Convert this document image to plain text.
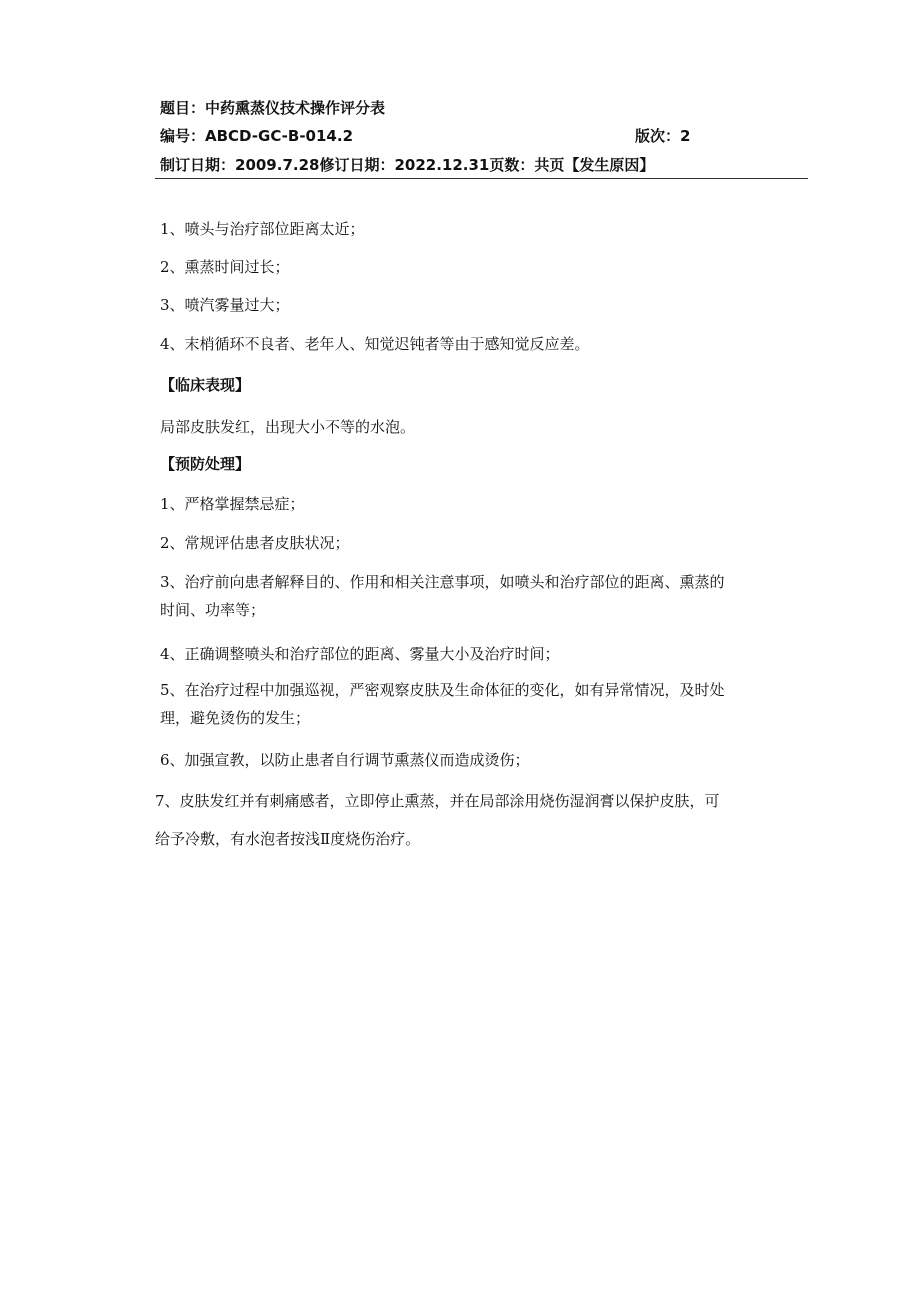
题目：中药熏蒸仪技术操作评分表
编号：ABCD-GC-B-014.2	版次：2
制订日期：2009.7.28修订日期：2022.12.31页数：共页【发生原因】
1、喷头与治疗部位距离太近；
2、熏蒸时间过长；
3、喷汽雾量过大；
4、末梢循环不良者、老年人、知觉迟钝者等由于感知觉反应差。
【临床表现】
局部皮肤发红，出现大小不等的水泡。
【预防处理】
1、严格掌握禁忌症；
2、常规评估患者皮肤状况；
3、治疗前向患者解释目的、作用和相关注意事项，如喷头和治疗部位的距离、熏蒸的
时间、功率等；
4、正确调整喷头和治疗部位的距离、雾量大小及治疗时间；
5、在治疗过程中加强巡视，严密观察皮肤及生命体征的变化，如有异常情况，及时处
理，避免烫伤的发生；
6、加强宣教，以防止患者自行调节熏蒸仪而造成烫伤；
7、皮肤发红并有刺痛感者，立即停止熏蒸，并在局部涂用烧伤湿润膏以保护皮肤，可
给予冷敷，有水泡者按浅Ⅱ度烧伤治疗。
